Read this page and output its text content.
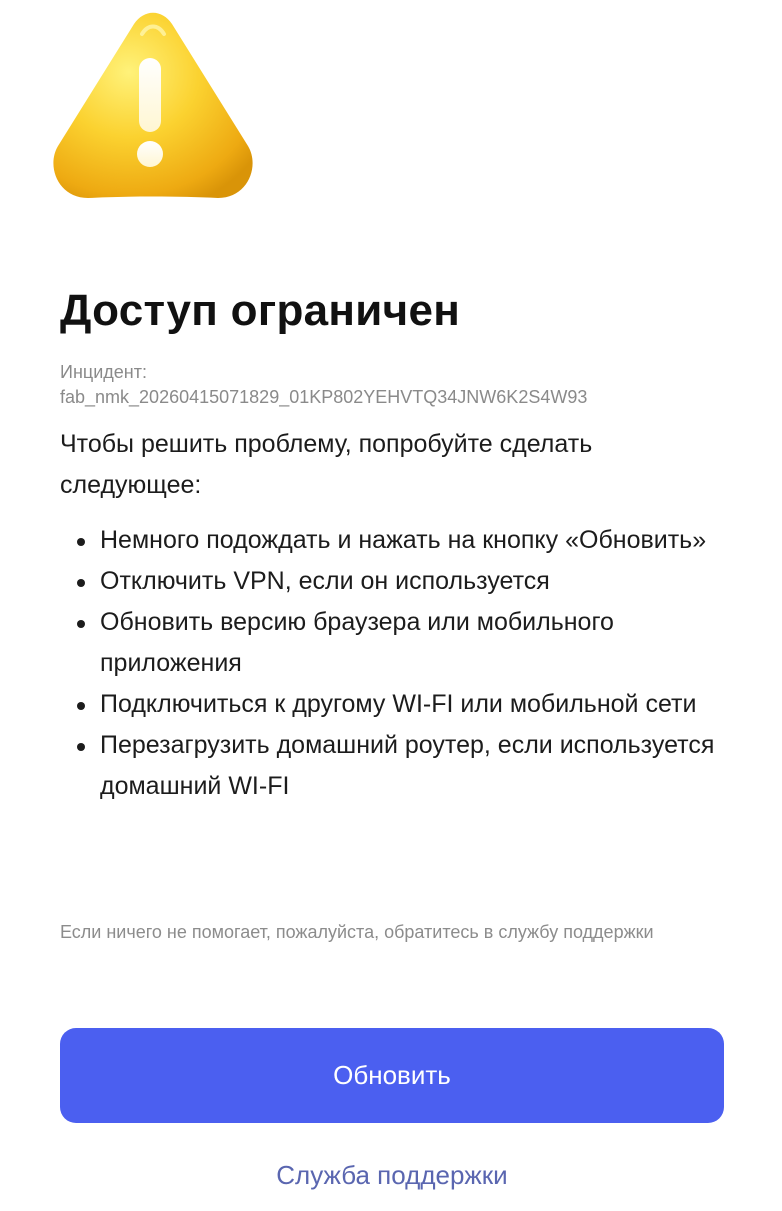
Доступ ограничен
Инцидент:
fab_nmk_20260415071829_01KP802YEHVTQ34JNW6K2S4W93

Чтобы решить проблему, попробуйте сделать следующее:

Немного подождать и нажать на кнопку «Обновить»
Отключить VPN, если он используется
Обновить версию браузера или мобильного приложения
Подключиться к другому WI-FI или мобильной сети
Перезагрузить домашний роутер, если используется домашний WI-FI

Если ничего не помогает, пожалуйста, обратитесь в службу поддержки

Обновить
Служба поддержки
